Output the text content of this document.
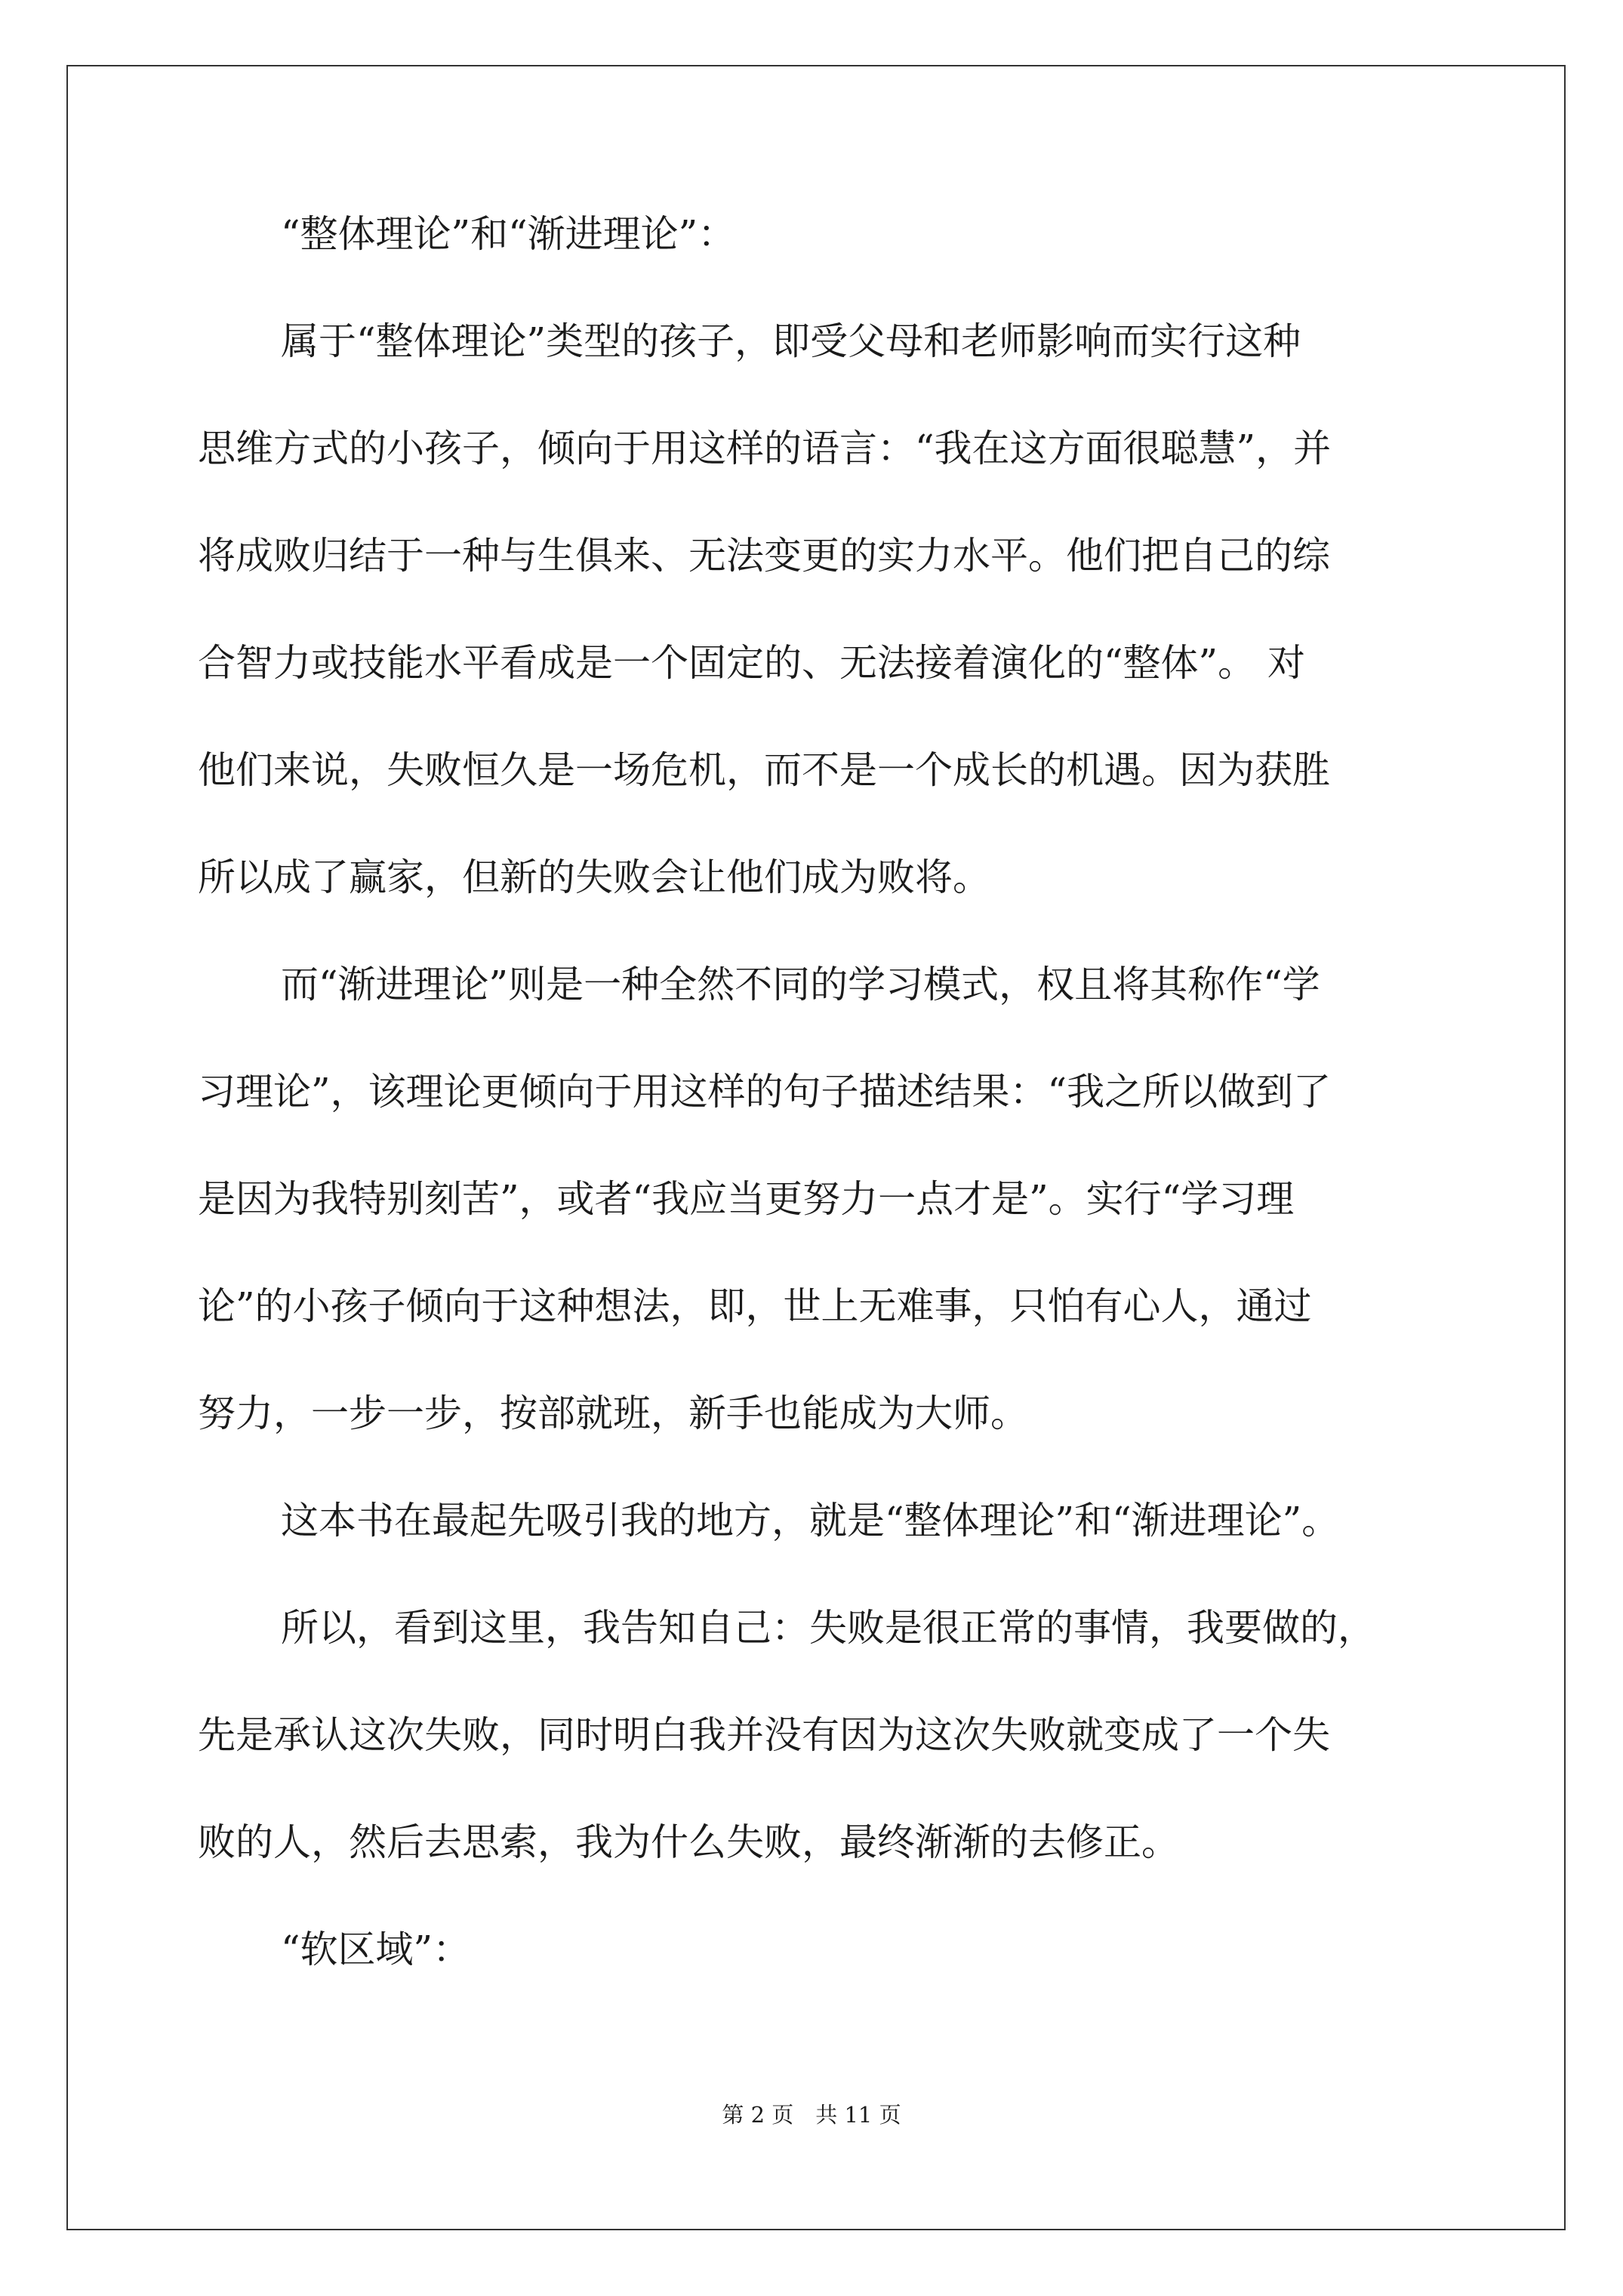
“整体理论”和“渐进理论”：
属于“整体理论”类型的孩子，即受父母和老师影响而实行这种
思维方式的小孩子，倾向于用这样的语言：“我在这方面很聪慧”，并
将成败归结于一种与生俱来、无法变更的实力水平。他们把自己的综
合智力或技能水平看成是一个固定的、无法接着演化的“整体”。 对
他们来说，失败恒久是一场危机，而不是一个成长的机遇。因为获胜
所以成了赢家，但新的失败会让他们成为败将。
而“渐进理论”则是一种全然不同的学习模式，权且将其称作“学
习理论”，该理论更倾向于用这样的句子描述结果：“我之所以做到了
是因为我特别刻苦”，或者“我应当更努力一点才是”。实行“学习理
论”的小孩子倾向于这种想法，即，世上无难事，只怕有心人，通过
努力，一步一步，按部就班，新手也能成为大师。
这本书在最起先吸引我的地方，就是“整体理论”和“渐进理论”。
所以，看到这里，我告知自己：失败是很正常的事情，我要做的，
先是承认这次失败，同时明白我并没有因为这次失败就变成了一个失
败的人，然后去思索，我为什么失败，最终渐渐的去修正。
“软区域”：
第 2 页　共 11 页
